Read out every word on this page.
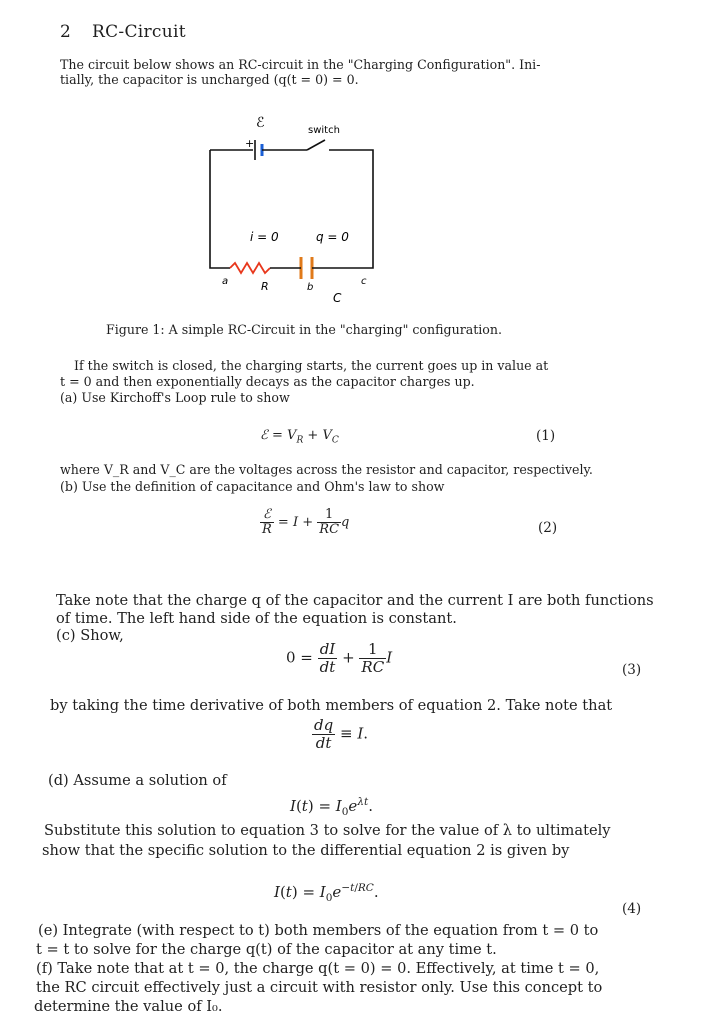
2 RC-Circuit
The circuit below shows an RC-circuit in the "Charging Configuration". Ini-
tially, the capacitor is uncharged (q(t = 0) = 0.
ℰ
+
switch
i = 0	q = 0
a	R	b
c
C
Figure 1: A simple RC-Circuit in the "charging" configuration.
If the switch is closed, the charging starts, the current goes up in value at
t = 0 and then exponentially decays as the capacitor charges up.
(a) Use Kirchoff's Loop rule to show
ℰ = $V_R + V_C$	(1)
where V_R and V_C are the voltages across the resistor and capacitor, respectively.
(b) Use the definition of capacitance and Ohm's law to show
$\frac{\text{ℰ}}{R} = I + \frac{1}{RC}$ q	(2)
Take note that the charge q of the capacitor and the current I are both functions
of time. The left hand side of the equation is constant.
(c) Show,
$0 = \frac{dI}{dt} + \frac{1}{RC}$ I
(3)
by taking the time derivative of both members of equation 2. Take note that
$\frac{dq}{dt} \equiv I$.
(d) Assume a solution of
$I(t) = I_0e^{\lambda t}$.
Substitute this solution to equation 3 to solve for the value of λ to ultimately
show that the specific solution to the differential equation 2 is given by
$I(t) = I_0e^{-t/RC}$.
(4)
(e) Integrate (with respect to t) both members of the equation from t = 0 to
t = t to solve for the charge q(t) of the capacitor at any time t.
(f) Take note that at t = 0, the charge q(t = 0) = 0. Effectively, at time t = 0,
the RC circuit effectively just a circuit with resistor only. Use this concept to
determine the value of I₀.
